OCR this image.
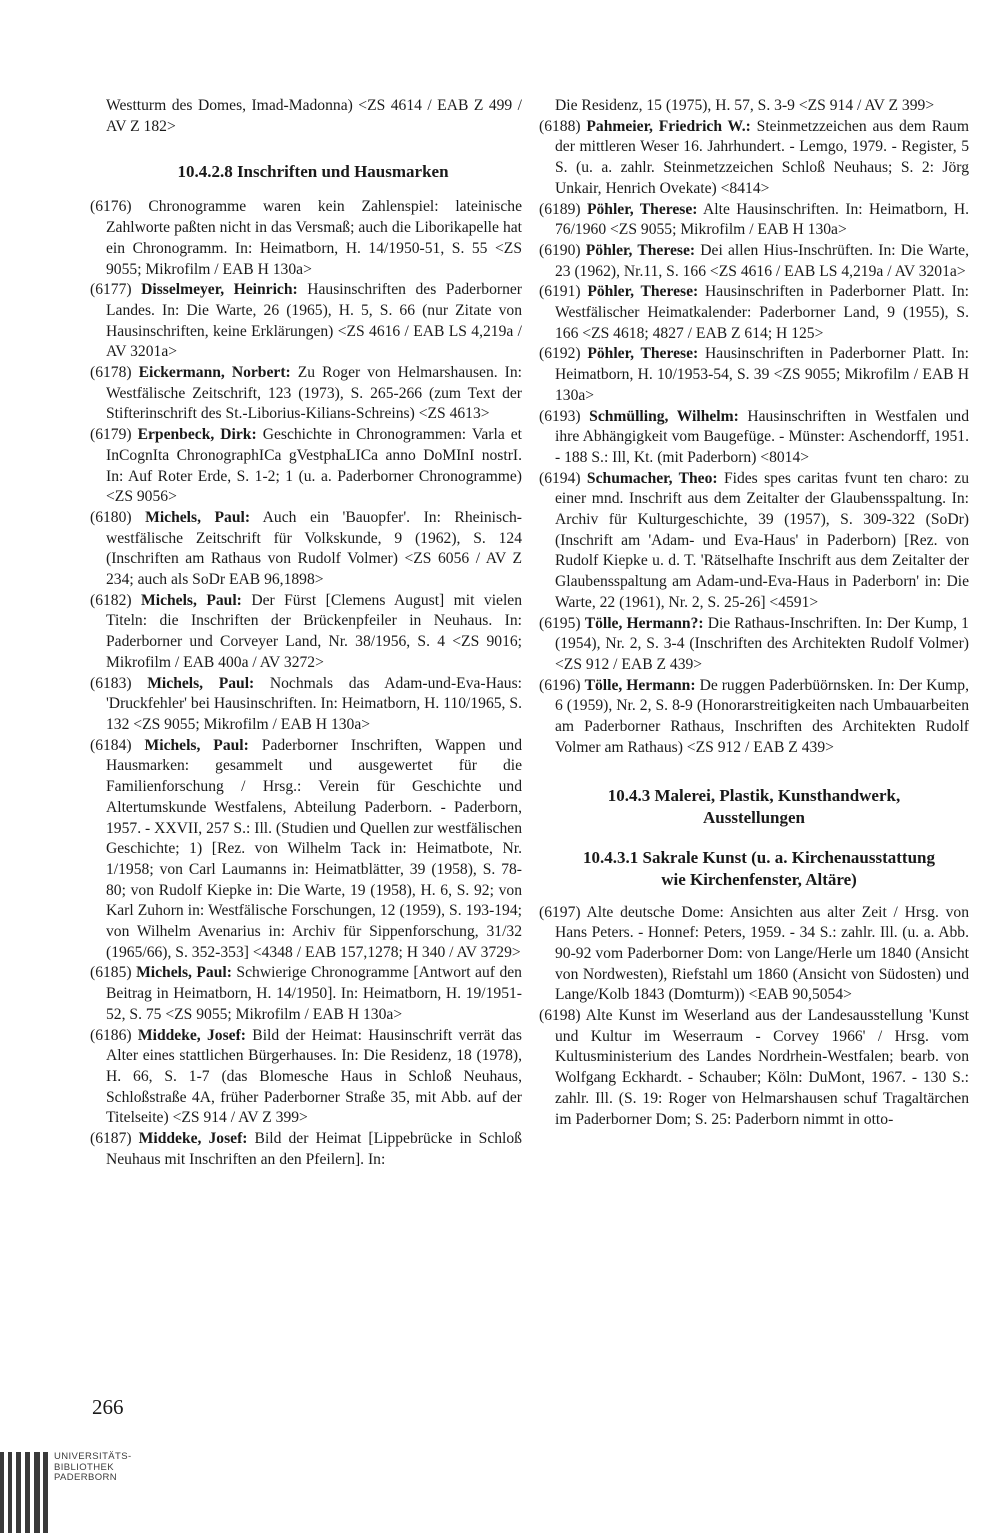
Westturm des Domes, Imad-Madonna) <ZS 4614 / EAB Z 499 / AV Z 182>

10.4.2.8 Inschriften und Hausmarken

(6176) Chronogramme waren kein Zahlenspiel: lateinische Zahlworte paßten nicht in das Versmaß; auch die Liborikapelle hat ein Chronogramm. In: Heimatborn, H. 14/1950-51, S. 55 <ZS 9055; Mikrofilm / EAB H 130a>

(6177) Disselmeyer, Heinrich: Hausinschriften des Paderborner Landes. In: Die Warte, 26 (1965), H. 5, S. 66 (nur Zitate von Hausinschriften, keine Erklärungen) <ZS 4616 / EAB LS 4,219a / AV 3201a>

(6178) Eickermann, Norbert: Zu Roger von Helmarshausen. In: Westfälische Zeitschrift, 123 (1973), S. 265-266 (zum Text der Stifterinschrift des St.-Liborius-Kilians-Schreins) <ZS 4613>

(6179) Erpenbeck, Dirk: Geschichte in Chronogrammen: Varla et InCognIta ChronographICa gVestphaLICa anno DoMInI nostrI. In: Auf Roter Erde, S. 1-2; 1 (u. a. Paderborner Chronogramme) <ZS 9056>

(6180) Michels, Paul: Auch ein 'Bauopfer'. In: Rheinisch-westfälische Zeitschrift für Volkskunde, 9 (1962), S. 124 (Inschriften am Rathaus von Rudolf Volmer) <ZS 6056 / AV Z 234; auch als SoDr EAB 96,1898>

(6182) Michels, Paul: Der Fürst [Clemens August] mit vielen Titeln: die Inschriften der Brückenpfeiler in Neuhaus. In: Paderborner und Corveyer Land, Nr. 38/1956, S. 4 <ZS 9016; Mikrofilm / EAB 400a / AV 3272>

(6183) Michels, Paul: Nochmals das Adam-und-Eva-Haus: 'Druckfehler' bei Hausinschriften. In: Heimatborn, H. 110/1965, S. 132 <ZS 9055; Mikrofilm / EAB H 130a>

(6184) Michels, Paul: Paderborner Inschriften, Wappen und Hausmarken: gesammelt und ausgewertet für die Familienforschung / Hrsg.: Verein für Geschichte und Altertumskunde Westfalens, Abteilung Paderborn. - Paderborn, 1957. - XXVII, 257 S.: Ill. (Studien und Quellen zur westfälischen Geschichte; 1) [Rez. von Wilhelm Tack in: Heimatbote, Nr. 1/1958; von Carl Laumanns in: Heimatblätter, 39 (1958), S. 78-80; von Rudolf Kiepke in: Die Warte, 19 (1958), H. 6, S. 92; von Karl Zuhorn in: Westfälische Forschungen, 12 (1959), S. 193-194; von Wilhelm Avenarius in: Archiv für Sippenforschung, 31/32 (1965/66), S. 352-353] <4348 / EAB 157,1278; H 340 / AV 3729>

(6185) Michels, Paul: Schwierige Chronogramme [Antwort auf den Beitrag in Heimatborn, H. 14/1950]. In: Heimatborn, H. 19/1951-52, S. 75 <ZS 9055; Mikrofilm / EAB H 130a>

(6186) Middeke, Josef: Bild der Heimat: Hausinschrift verrät das Alter eines stattlichen Bürgerhauses. In: Die Residenz, 18 (1978), H. 66, S. 1-7 (das Blomesche Haus in Schloß Neuhaus, Schloßstraße 4A, früher Paderborner Straße 35, mit Abb. auf der Titelseite) <ZS 914 / AV Z 399>

(6187) Middeke, Josef: Bild der Heimat [Lippebrücke in Schloß Neuhaus mit Inschriften an den Pfeilern]. In:

Die Residenz, 15 (1975), H. 57, S. 3-9 <ZS 914 / AV Z 399>

(6188) Pahmeier, Friedrich W.: Steinmetzzeichen aus dem Raum der mittleren Weser 16. Jahrhundert. - Lemgo, 1979. - Register, 5 S. (u. a. zahlr. Steinmetzzeichen Schloß Neuhaus; S. 2: Jörg Unkair, Henrich Ovekate) <8414>

(6189) Pöhler, Therese: Alte Hausinschriften. In: Heimatborn, H. 76/1960 <ZS 9055; Mikrofilm / EAB H 130a>

(6190) Pöhler, Therese: Dei allen Hius-Inschrüften. In: Die Warte, 23 (1962), Nr.11, S. 166 <ZS 4616 / EAB LS 4,219a / AV 3201a>

(6191) Pöhler, Therese: Hausinschriften in Paderborner Platt. In: Westfälischer Heimatkalender: Paderborner Land, 9 (1955), S. 166 <ZS 4618; 4827 / EAB Z 614; H 125>

(6192) Pöhler, Therese: Hausinschriften in Paderborner Platt. In: Heimatborn, H. 10/1953-54, S. 39 <ZS 9055; Mikrofilm / EAB H 130a>

(6193) Schmülling, Wilhelm: Hausinschriften in Westfalen und ihre Abhängigkeit vom Baugefüge. - Münster: Aschendorff, 1951. - 188 S.: Ill, Kt. (mit Paderborn) <8014>

(6194) Schumacher, Theo: Fides spes caritas fvunt ten charo: zu einer mnd. Inschrift aus dem Zeitalter der Glaubensspaltung. In: Archiv für Kulturgeschichte, 39 (1957), S. 309-322 (SoDr) (Inschrift am 'Adam- und Eva-Haus' in Paderborn) [Rez. von Rudolf Kiepke u. d. T. 'Rätselhafte Inschrift aus dem Zeitalter der Glaubensspaltung am Adam-und-Eva-Haus in Paderborn' in: Die Warte, 22 (1961), Nr. 2, S. 25-26] <4591>

(6195) Tölle, Hermann?: Die Rathaus-Inschriften. In: Der Kump, 1 (1954), Nr. 2, S. 3-4 (Inschriften des Architekten Rudolf Volmer) <ZS 912 / EAB Z 439>

(6196) Tölle, Hermann: De ruggen Paderbüörnsken. In: Der Kump, 6 (1959), Nr. 2, S. 8-9 (Honorarstreitigkeiten nach Umbauarbeiten am Paderborner Rathaus, Inschriften des Architekten Rudolf Volmer am Rathaus) <ZS 912 / EAB Z 439>

10.4.3 Malerei, Plastik, Kunsthandwerk,
Ausstellungen
10.4.3.1 Sakrale Kunst (u. a. Kirchenausstattung
wie Kirchenfenster, Altäre)

(6197) Alte deutsche Dome: Ansichten aus alter Zeit / Hrsg. von Hans Peters. - Honnef: Peters, 1959. - 34 S.: zahlr. Ill. (u. a. Abb. 90-92 vom Paderborner Dom: von Lange/Herle um 1840 (Ansicht von Nordwesten), Riefstahl um 1860 (Ansicht von Südosten) und Lange/Kolb 1843 (Domturm)) <EAB 90,5054>

(6198) Alte Kunst im Weserland aus der Landesausstellung 'Kunst und Kultur im Weserraum - Corvey 1966' / Hrsg. vom Kultusministerium des Landes Nordrhein-Westfalen; bearb. von Wolfgang Eckhardt. - Schauber; Köln: DuMont, 1967. - 130 S.: zahlr. Ill. (S. 19: Roger von Helmarshausen schuf Tragaltärchen im Paderborner Dom; S. 25: Paderborn nimmt in otto-

266
UNIVERSITÄTS-
BIBLIOTHEK
PADERBORN
